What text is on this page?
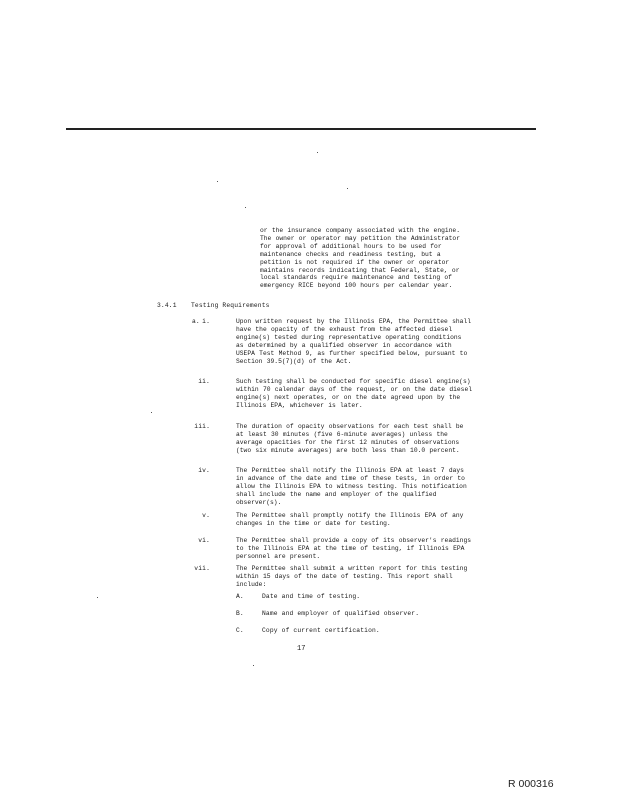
or the insurance company associated with the engine. The owner or operator may petition the Administrator for approval of additional hours to be used for maintenance checks and readiness testing, but a petition is not required if the owner or operator maintains records indicating that Federal, State, or local standards require maintenance and testing of emergency RICE beyond 100 hours per calendar year.
3.4.1 Testing Requirements
a. i.	Upon written request by the Illinois EPA, the Permittee shall have the opacity of the exhaust from the affected diesel engine(s) tested during representative operating conditions as determined by a qualified observer in accordance with USEPA Test Method 9, as further specified below, pursuant to Section 39.5(7)(d) of the Act.
ii.	Such testing shall be conducted for specific diesel engine(s) within 70 calendar days of the request, or on the date diesel engine(s) next operates, or on the date agreed upon by the Illinois EPA, whichever is later.
iii.	The duration of opacity observations for each test shall be at least 30 minutes (five 6-minute averages) unless the average opacities for the first 12 minutes of observations (two six minute averages) are both less than 10.0 percent.
iv.	The Permittee shall notify the Illinois EPA at least 7 days in advance of the date and time of these tests, in order to allow the Illinois EPA to witness testing. This notification shall include the name and employer of the qualified observer(s).
v.	The Permittee shall promptly notify the Illinois EPA of any changes in the time or date for testing.
vi.	The Permittee shall provide a copy of its observer's readings to the Illinois EPA at the time of testing, if Illinois EPA personnel are present.
vii.	The Permittee shall submit a written report for this testing within 15 days of the date of testing. This report shall include:
A.	Date and time of testing.
B.	Name and employer of qualified observer.
C.	Copy of current certification.
17
R 000316
